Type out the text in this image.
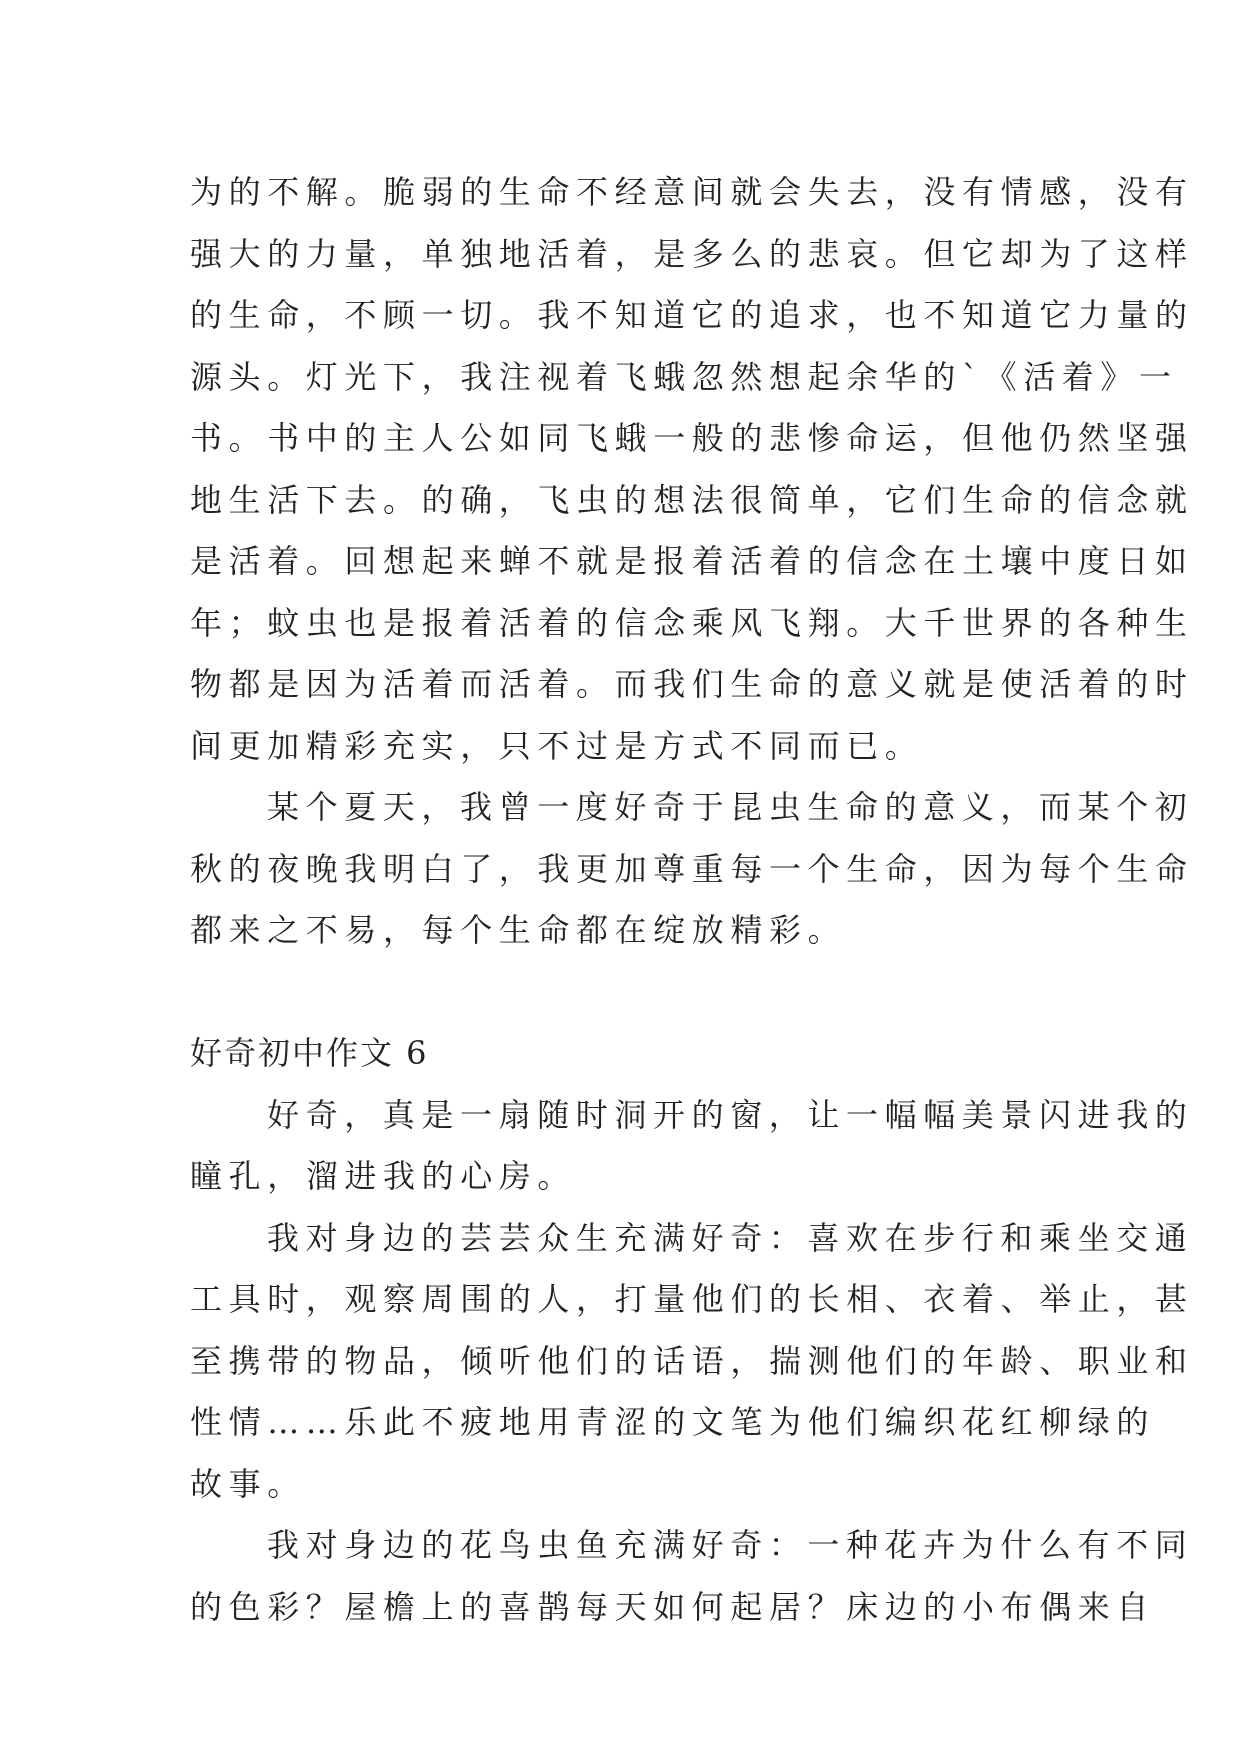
为的不解。脆弱的生命不经意间就会失去，没有情感，没有
强大的力量，单独地活着，是多么的悲哀。但它却为了这样
的生命，不顾一切。我不知道它的追求，也不知道它力量的
源头。灯光下，我注视着飞蛾忽然想起余华的`《活着》一
书。书中的主人公如同飞蛾一般的悲惨命运，但他仍然坚强
地生活下去。的确，飞虫的想法很简单，它们生命的信念就
是活着。回想起来蝉不就是报着活着的信念在土壤中度日如
年；蚊虫也是报着活着的信念乘风飞翔。大千世界的各种生
物都是因为活着而活着。而我们生命的意义就是使活着的时
间更加精彩充实，只不过是方式不同而已。

某个夏天，我曾一度好奇于昆虫生命的意义，而某个初
秋的夜晚我明白了，我更加尊重每一个生命，因为每个生命
都来之不易，每个生命都在绽放精彩。

好奇初中作文 6

好奇，真是一扇随时洞开的窗，让一幅幅美景闪进我的
瞳孔，溜进我的心房。

我对身边的芸芸众生充满好奇：喜欢在步行和乘坐交通
工具时，观察周围的人，打量他们的长相、衣着、举止，甚
至携带的物品，倾听他们的话语，揣测他们的年龄、职业和
性情……乐此不疲地用青涩的文笔为他们编织花红柳绿的
故事。

我对身边的花鸟虫鱼充满好奇：一种花卉为什么有不同
的色彩？屋檐上的喜鹊每天如何起居？床边的小布偶来自
